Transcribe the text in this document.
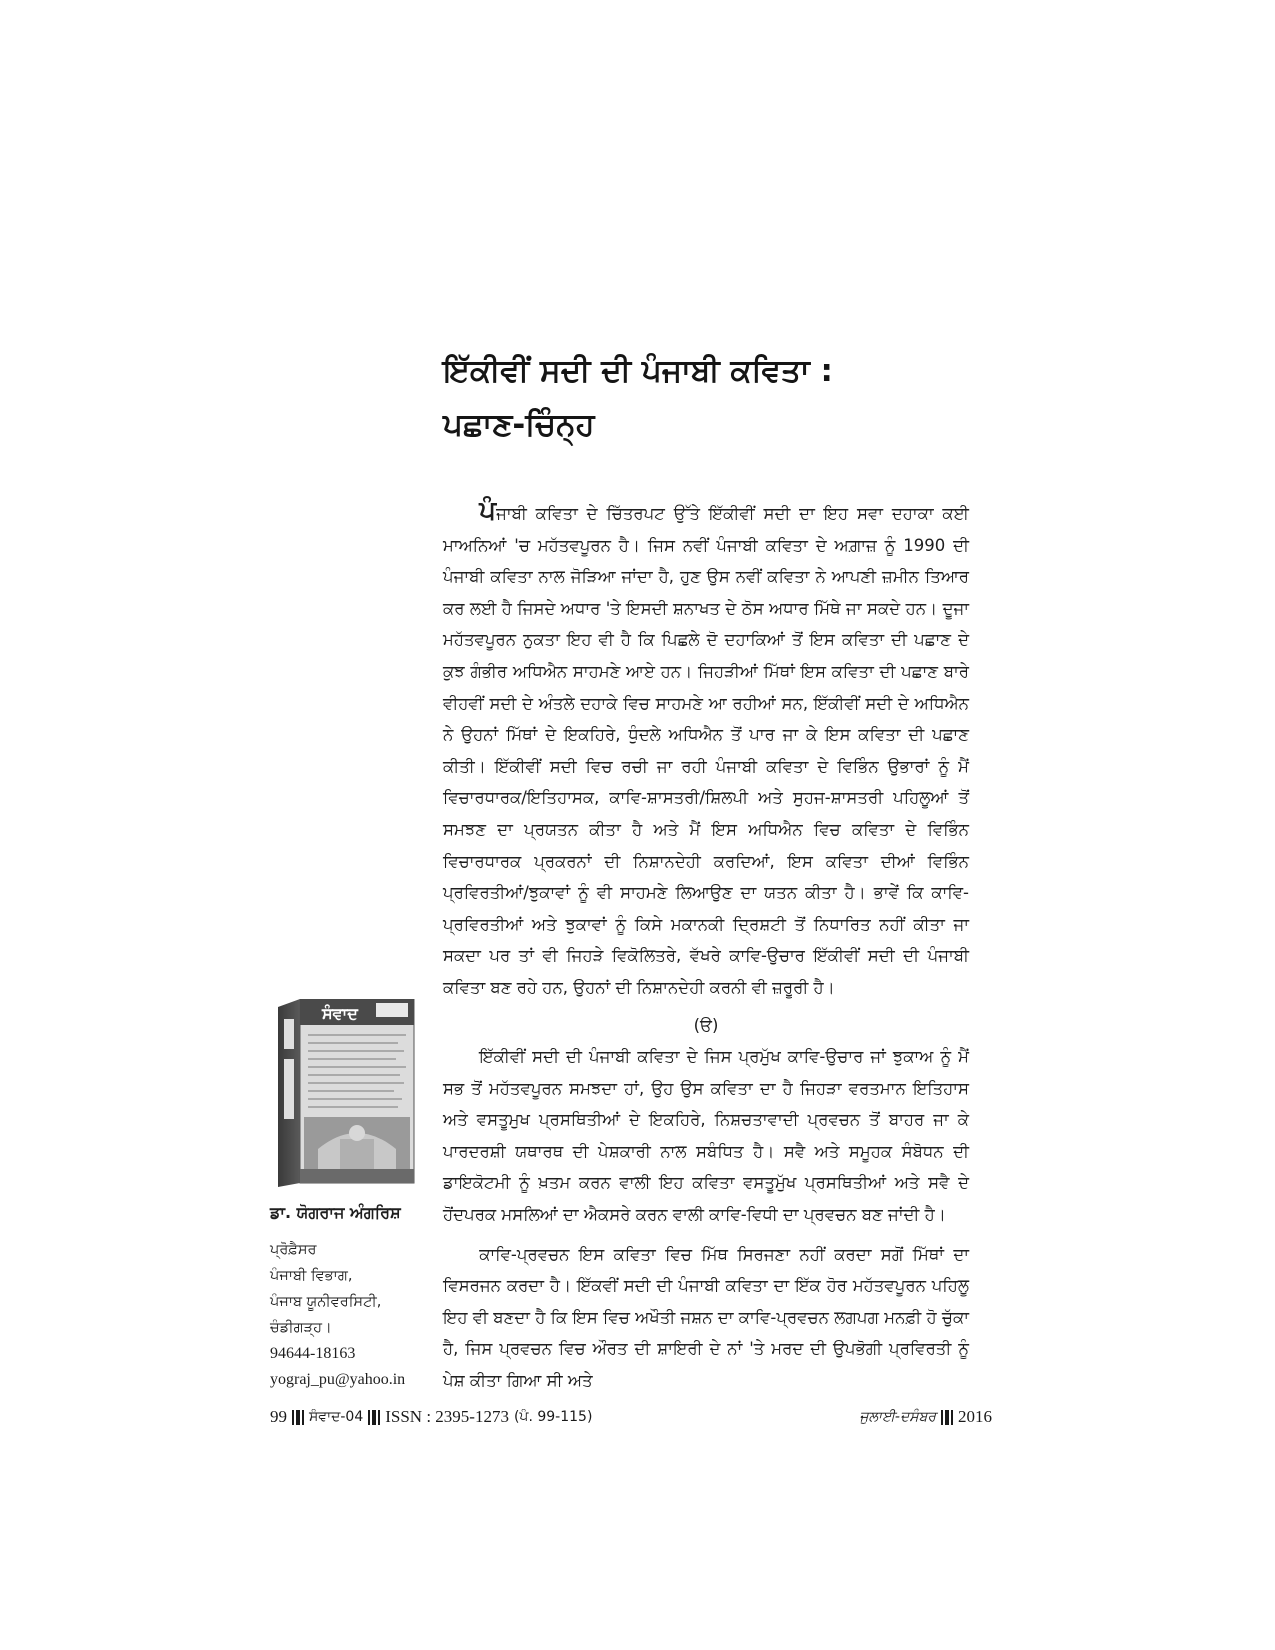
ਇੱਕੀਵੀਂ ਸਦੀ ਦੀ ਪੰਜਾਬੀ ਕਵਿਤਾ :
ਪਛਾਣ-ਚਿੰਨ੍ਹ

ਪੰਜਾਬੀ ਕਵਿਤਾ ਦੇ ਚਿੱਤਰਪਟ ਉੱਤੇ ਇੱਕੀਵੀਂ ਸਦੀ ਦਾ ਇਹ ਸਵਾ ਦਹਾਕਾ ਕਈ ਮਾਅਨਿਆਂ 'ਚ ਮਹੱਤਵਪੂਰਨ ਹੈ। ਜਿਸ ਨਵੀਂ ਪੰਜਾਬੀ ਕਵਿਤਾ ਦੇ ਅਗ਼ਾਜ਼ ਨੂੰ 1990 ਦੀ ਪੰਜਾਬੀ ਕਵਿਤਾ ਨਾਲ ਜੋੜਿਆ ਜਾਂਦਾ ਹੈ, ਹੁਣ ਉਸ ਨਵੀਂ ਕਵਿਤਾ ਨੇ ਆਪਣੀ ਜ਼ਮੀਨ ਤਿਆਰ ਕਰ ਲਈ ਹੈ ਜਿਸਦੇ ਅਧਾਰ 'ਤੇ ਇਸਦੀ ਸ਼ਨਾਖਤ ਦੇ ਠੋਸ ਅਧਾਰ ਮਿੱਥੇ ਜਾ ਸਕਦੇ ਹਨ। ਦੂਜਾ ਮਹੱਤਵਪੂਰਨ ਨੁਕਤਾ ਇਹ ਵੀ ਹੈ ਕਿ ਪਿਛਲੇ ਦੋ ਦਹਾਕਿਆਂ ਤੋਂ ਇਸ ਕਵਿਤਾ ਦੀ ਪਛਾਣ ਦੇ ਕੁਝ ਗੰਭੀਰ ਅਧਿਐਨ ਸਾਹਮਣੇ ਆਏ ਹਨ। ਜਿਹੜੀਆਂ ਮਿੱਥਾਂ ਇਸ ਕਵਿਤਾ ਦੀ ਪਛਾਣ ਬਾਰੇ ਵੀਹਵੀਂ ਸਦੀ ਦੇ ਅੰਤਲੇ ਦਹਾਕੇ ਵਿਚ ਸਾਹਮਣੇ ਆ ਰਹੀਆਂ ਸਨ, ਇੱਕੀਵੀਂ ਸਦੀ ਦੇ ਅਧਿਐਨ ਨੇ ਉਹਨਾਂ ਮਿੱਥਾਂ ਦੇ ਇਕਹਿਰੇ, ਧੁੰਦਲੇ ਅਧਿਐਨ ਤੋਂ ਪਾਰ ਜਾ ਕੇ ਇਸ ਕਵਿਤਾ ਦੀ ਪਛਾਣ ਕੀਤੀ। ਇੱਕੀਵੀਂ ਸਦੀ ਵਿਚ ਰਚੀ ਜਾ ਰਹੀ ਪੰਜਾਬੀ ਕਵਿਤਾ ਦੇ ਵਿਭਿੰਨ ਉਭਾਰਾਂ ਨੂੰ ਮੈਂ ਵਿਚਾਰਧਾਰਕ/ਇਤਿਹਾਸਕ, ਕਾਵਿ-ਸ਼ਾਸਤਰੀ/ਸ਼ਿਲਪੀ ਅਤੇ ਸੁਹਜ-ਸ਼ਾਸਤਰੀ ਪਹਿਲੂਆਂ ਤੋਂ ਸਮਝਣ ਦਾ ਪ੍ਰਯਤਨ ਕੀਤਾ ਹੈ ਅਤੇ ਮੈਂ ਇਸ ਅਧਿਐਨ ਵਿਚ ਕਵਿਤਾ ਦੇ ਵਿਭਿੰਨ ਵਿਚਾਰਧਾਰਕ ਪ੍ਰਕਰਨਾਂ ਦੀ ਨਿਸ਼ਾਨਦੇਹੀ ਕਰਦਿਆਂ, ਇਸ ਕਵਿਤਾ ਦੀਆਂ ਵਿਭਿੰਨ ਪ੍ਰਵਿਰਤੀਆਂ/ਝੁਕਾਵਾਂ ਨੂੰ ਵੀ ਸਾਹਮਣੇ ਲਿਆਉਣ ਦਾ ਯਤਨ ਕੀਤਾ ਹੈ। ਭਾਵੇਂ ਕਿ ਕਾਵਿ-ਪ੍ਰਵਿਰਤੀਆਂ ਅਤੇ ਝੁਕਾਵਾਂ ਨੂੰ ਕਿਸੇ ਮਕਾਨਕੀ ਦ੍ਰਿਸ਼ਟੀ ਤੋਂ ਨਿਧਾਰਿਤ ਨਹੀਂ ਕੀਤਾ ਜਾ ਸਕਦਾ ਪਰ ਤਾਂ ਵੀ ਜਿਹੜੇ ਵਿਕੋਲਿਤਰੇ, ਵੱਖਰੇ ਕਾਵਿ-ਉਚਾਰ ਇੱਕੀਵੀਂ ਸਦੀ ਦੀ ਪੰਜਾਬੀ ਕਵਿਤਾ ਬਣ ਰਹੇ ਹਨ, ਉਹਨਾਂ ਦੀ ਨਿਸ਼ਾਨਦੇਹੀ ਕਰਨੀ ਵੀ ਜ਼ਰੂਰੀ ਹੈ।

(ੳ)

ਇੱਕੀਵੀਂ ਸਦੀ ਦੀ ਪੰਜਾਬੀ ਕਵਿਤਾ ਦੇ ਜਿਸ ਪ੍ਰਮੁੱਖ ਕਾਵਿ-ਉਚਾਰ ਜਾਂ ਝੁਕਾਅ ਨੂੰ ਮੈਂ ਸਭ ਤੋਂ ਮਹੱਤਵਪੂਰਨ ਸਮਝਦਾ ਹਾਂ, ਉਹ ਉਸ ਕਵਿਤਾ ਦਾ ਹੈ ਜਿਹੜਾ ਵਰਤਮਾਨ ਇਤਿਹਾਸ ਅਤੇ ਵਸਤੂਮੁਖ ਪ੍ਰਸਥਿਤੀਆਂ ਦੇ ਇਕਹਿਰੇ, ਨਿਸ਼ਚਤਾਵਾਦੀ ਪ੍ਰਵਚਨ ਤੋਂ ਬਾਹਰ ਜਾ ਕੇ ਪਾਰਦਰਸ਼ੀ ਯਥਾਰਥ ਦੀ ਪੇਸ਼ਕਾਰੀ ਨਾਲ ਸਬੰਧਿਤ ਹੈ। ਸਵੈ ਅਤੇ ਸਮੂਹਕ ਸੰਬੋਧਨ ਦੀ ਡਾਇਕੋਟਮੀ ਨੂੰ ਖ਼ਤਮ ਕਰਨ ਵਾਲੀ ਇਹ ਕਵਿਤਾ ਵਸਤੂਮੁੱਖ ਪ੍ਰਸਥਿਤੀਆਂ ਅਤੇ ਸਵੈ ਦੇ ਹੋਂਦਪਰਕ ਮਸਲਿਆਂ ਦਾ ਐਕਸਰੇ ਕਰਨ ਵਾਲੀ ਕਾਵਿ-ਵਿਧੀ ਦਾ ਪ੍ਰਵਚਨ ਬਣ ਜਾਂਦੀ ਹੈ।

ਕਾਵਿ-ਪ੍ਰਵਚਨ ਇਸ ਕਵਿਤਾ ਵਿਚ ਮਿੱਥ ਸਿਰਜਣਾ ਨਹੀਂ ਕਰਦਾ ਸਗੋਂ ਮਿੱਥਾਂ ਦਾ ਵਿਸਰਜਨ ਕਰਦਾ ਹੈ। ਇੱਕਵੀਂ ਸਦੀ ਦੀ ਪੰਜਾਬੀ ਕਵਿਤਾ ਦਾ ਇੱਕ ਹੋਰ ਮਹੱਤਵਪੂਰਨ ਪਹਿਲੂ ਇਹ ਵੀ ਬਣਦਾ ਹੈ ਕਿ ਇਸ ਵਿਚ ਅਖੌਤੀ ਜਸ਼ਨ ਦਾ ਕਾਵਿ-ਪ੍ਰਵਚਨ ਲਗਪਗ ਮਨਫ਼ੀ ਹੋ ਚੁੱਕਾ ਹੈ, ਜਿਸ ਪ੍ਰਵਚਨ ਵਿਚ ਔਰਤ ਦੀ ਸ਼ਾਇਰੀ ਦੇ ਨਾਂ 'ਤੇ ਮਰਦ ਦੀ ਉਪਭੋਗੀ ਪ੍ਰਵਿਰਤੀ ਨੂੰ ਪੇਸ਼ ਕੀਤਾ ਗਿਆ ਸੀ ਅਤੇ

ਸੰਵਾਦ

ਡਾ. ਯੋਗਰਾਜ ਅੰਗਰਿਸ਼

ਪ੍ਰੋਫ਼ੈਸਰ

ਪੰਜਾਬੀ ਵਿਭਾਗ,

ਪੰਜਾਬ ਯੂਨੀਵਰਸਿਟੀ,

ਚੰਡੀਗੜ੍ਹ।

94644-18163

yograj_pu@yahoo.in

99 ਸੰਵਾਦ-04 ISSN : 2395-1273 (ਪੰ. 99-115)	ਜੁਲਾਈ-ਦਸੰਬਰ 2016
